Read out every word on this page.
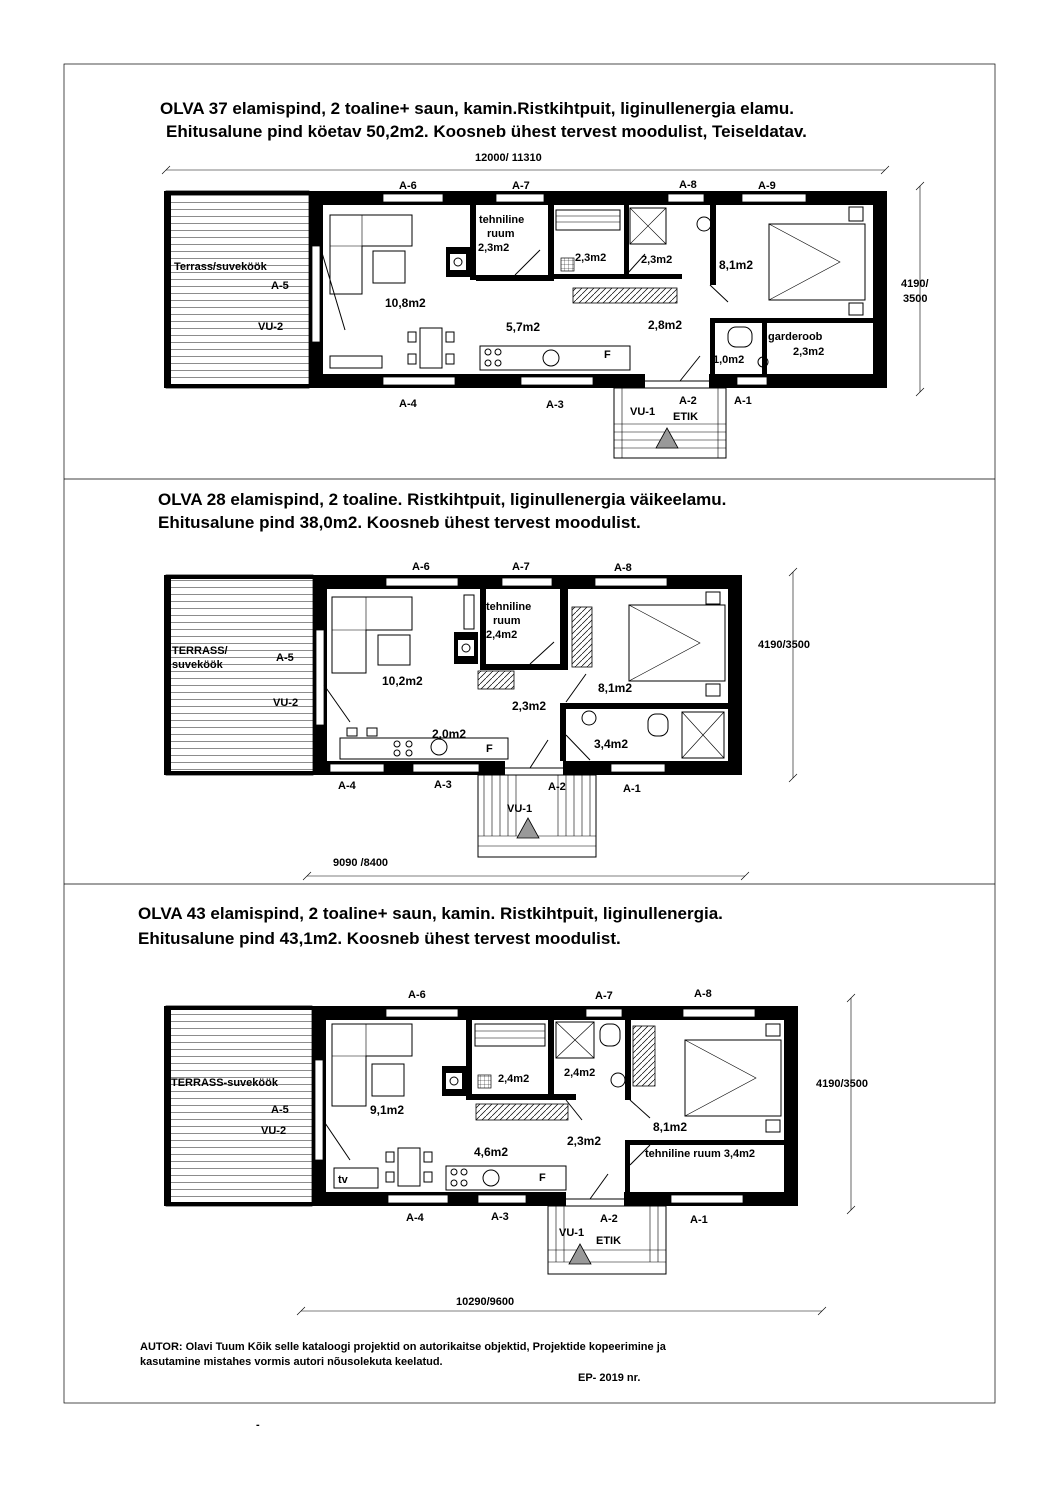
OLVA 37 elamispind, 2 toaline+ saun, kamin.Ristkihtpuit, liginullenergia elamu.
Ehitusalune pind köetav 50,2m2. Koosneb ühest tervest moodulist, Teiseldatav.
12000/ 11310
Terrass/suveköök
F
4190/
3500
A-6	A-7	A-8	A-9
A-5
VU-2
A-4	A-3	A-1
A-2
VU-1 ETIK
10,8m2
5,7m2
tehniline
ruum
2,3m2
2,3m2	2,3m2
2,8m2
8,1m2
1,0m2
garderoob
2,3m2
OLVA 28 elamispind, 2 toaline. Ristkihtpuit, liginullenergia väikeelamu.
Ehitusalune pind 38,0m2. Koosneb ühest tervest moodulist.
TERRASS/
suveköök
F
9090 /8400
4190/3500
A-6	A-7	A-8
A-5
VU-2
A-4	A-3	A-2	A-1
VU-1
10,2m2
2,0m2
tehniline
ruum
2,4m2
2,3m2
8,1m2
3,4m2
OLVA 43 elamispind, 2 toaline+ saun, kamin. Ristkihtpuit, liginullenergia.
Ehitusalune pind 43,1m2. Koosneb ühest tervest moodulist.
TERRASS-suveköök
tv	F
10290/9600
4190/3500
A-6	A-7	A-8
A-5
VU-2
A-4	A-3	A-2	A-1
VU-1
ETIK
9,1m2
4,6m2
2,4m2	2,4m2
2,3m2
8,1m2
tehniline ruum 3,4m2
AUTOR: Olavi Tuum Kõik selle kataloogi projektid on autorikaitse objektid, Projektide kopeerimine ja
kasutamine mistahes vormis autori nõusolekuta keelatud.
EP- 2019 nr.
-
